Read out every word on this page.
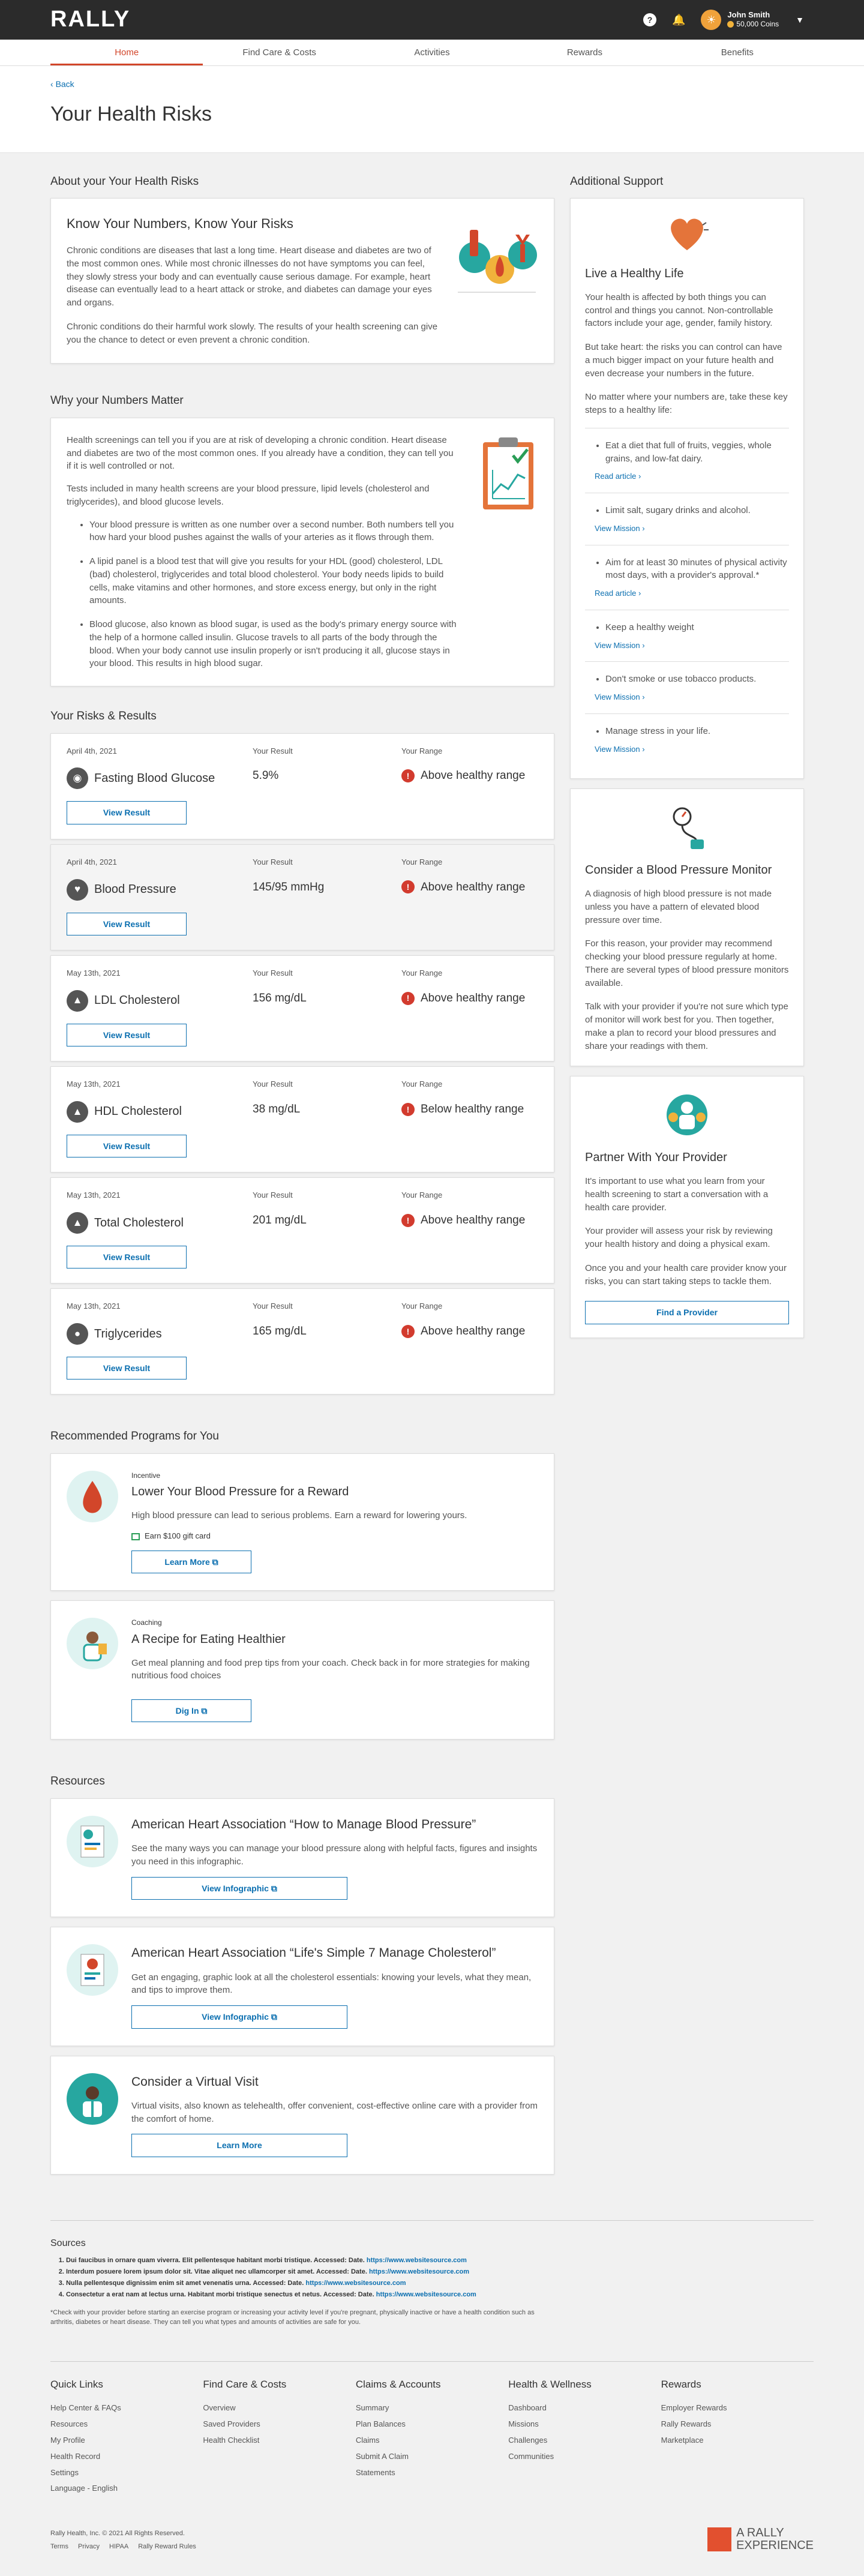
RALLY	?	🔔	☀	John Smith
50,000 Coins ▼
Home	Find Care & Costs	Activities	Rewards	Benefits
‹ Back
Your Health Risks
About your Your Health Risks
Know Your Numbers, Know Your Risks

Chronic conditions are diseases that last a long time. Heart disease and diabetes are two of the most common ones. While most chronic illnesses do not have symptoms you can feel, they slowly stress your body and can eventually cause serious damage. For example, heart disease can eventually lead to a heart attack or stroke, and diabetes can damage your eyes and organs.

Chronic conditions do their harmful work slowly. The results of your health screening can give you the chance to detect or even prevent a chronic condition.

Why your Numbers Matter

Health screenings can tell you if you are at risk of developing a chronic condition. Heart disease and diabetes are two of the most common ones. If you already have a condition, they can tell you if it is well controlled or not.

Tests included in many health screens are your blood pressure, lipid levels (cholesterol and triglycerides), and blood glucose levels.

• Your blood pressure is written as one number over a second number. Both numbers tell you how hard your blood pushes against the walls of your arteries as it flows through them.
• A lipid panel is a blood test that will give you results for your HDL (good) cholesterol, LDL (bad) cholesterol, triglycerides and total blood cholesterol. Your body needs lipids to build cells, make vitamins and other hormones, and store excess energy, but only in the right amounts.
• Blood glucose, also known as blood sugar, is used as the body's primary energy source with the help of a hormone called insulin. Glucose travels to all parts of the body through the blood. When your body cannot use insulin properly or isn't producing it all, glucose stays in your blood. This results in high blood sugar.
Your Risks & Results
April 4th, 2021
◉	Fasting Blood Glucose
Your Result
5.9%
Your Range
! Above healthy range
View Result
April 4th, 2021
♥	Blood Pressure
Your Result
145/95 mmHg
Your Range
! Above healthy range
View Result
May 13th, 2021
▲ LDL Cholesterol
Your Result
156 mg/dL
Your Range
! Above healthy range
View Result
May 13th, 2021
▲ HDL Cholesterol
Your Result
38 mg/dL
Your Range
! Below healthy range
View Result
May 13th, 2021
▲ Total Cholesterol
Your Result
201 mg/dL
Your Range
! Above healthy range
View Result
May 13th, 2021
●	Triglycerides
Your Result
165 mg/dL
Your Range
! Above healthy range
View Result
Recommended Programs for You
Incentive
Lower Your Blood Pressure for a Reward

High blood pressure can lead to serious problems. Earn a reward for lowering yours.

Earn $100 gift card
Learn More ⧉
Coaching
A Recipe for Eating Healthier

Get meal planning and food prep tips from your coach. Check back in for more strategies for making nutritious food choices

Dig In ⧉
Resources
American Heart Association “How to Manage Blood Pressure”

See the many ways you can manage your blood pressure along with helpful facts, figures and insights you need in this infographic.

View Infographic ⧉
American Heart Association “Life's Simple 7 Manage Cholesterol”

Get an engaging, graphic look at all the cholesterol essentials: knowing your levels, what they mean, and tips to improve them.

View Infographic ⧉
Consider a Virtual Visit

Virtual visits, also known as telehealth, offer convenient, cost-effective online care with a provider from the comfort of home.

Learn More
Additional Support
Live a Healthy Life

Your health is affected by both things you can control and things you cannot. Non-controllable factors include your age, gender, family history.

But take heart: the risks you can control can have a much bigger impact on your future health and even decrease your numbers in the future.

No matter where your numbers are, take these key steps to a healthy life:

• Eat a diet that full of fruits, veggies, whole grains, and low-fat dairy.
Read article ›
• Limit salt, sugary drinks and alcohol.
View Mission ›
• Aim for at least 30 minutes of physical activity most days, with a provider's approval.*
Read article ›
• Keep a healthy weight
View Mission ›
• Don't smoke or use tobacco products.
View Mission ›
• Manage stress in your life.
View Mission ›
Consider a Blood Pressure Monitor

A diagnosis of high blood pressure is not made unless you have a pattern of elevated blood pressure over time.

For this reason, your provider may recommend checking your blood pressure regularly at home. There are several types of blood pressure monitors available.

Talk with your provider if you're not sure which type of monitor will work best for you. Then together, make a plan to record your blood pressures and share your readings with them.

Partner With Your Provider

It's important to use what you learn from your health screening to start a conversation with a health care provider.

Your provider will assess your risk by reviewing your health history and doing a physical exam.

Once you and your health care provider know your risks, you can start taking steps to tackle them.

Find a Provider
Sources
1. Dui faucibus in ornare quam viverra. Elit pellentesque habitant morbi tristique. Accessed: Date. https://www.websitesource.com
2. Interdum posuere lorem ipsum dolor sit. Vitae aliquet nec ullamcorper sit amet. Accessed: Date. https://www.websitesource.com
3. Nulla pellentesque dignissim enim sit amet venenatis urna. Accessed: Date. https://www.websitesource.com
4. Consectetur a erat nam at lectus urna. Habitant morbi tristique senectus et netus. Accessed: Date. https://www.websitesource.com
*Check with your provider before starting an exercise program or increasing your activity level if you're pregnant, physically inactive or have a health condition such as arthritis, diabetes or heart disease. They can tell you what types and amounts of activities are safe for you.
Quick Links
Help Center & FAQs
Resources
My Profile
Health Record
Settings
Language - English
Find Care & Costs
Overview
Saved Providers
Health Checklist
Claims & Accounts
Summary
Plan Balances
Claims
Submit A Claim
Statements
Health & Wellness
Dashboard
Missions
Challenges
Communities
Rewards
Employer Rewards
Rally Rewards
Marketplace
Rally Health, Inc. © 2021 All Rights Reserved.
Terms Privacy HIPAA Rally Reward Rules
A RALLY
EXPERIENCE
